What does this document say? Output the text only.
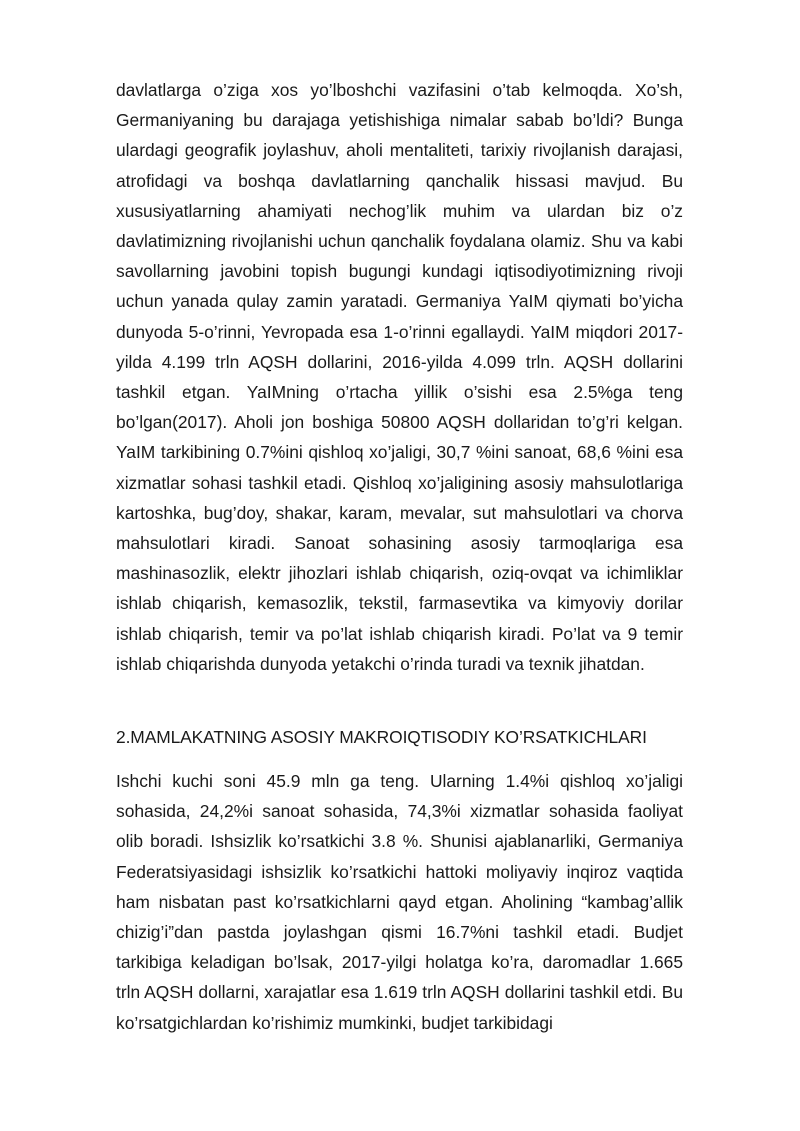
davlatlarga o’ziga xos yo’lboshchi vazifasini o’tab kelmoqda. Xo’sh, Germaniyaning bu darajaga yetishishiga nimalar sabab bo’ldi? Bunga ulardagi geografik joylashuv, aholi mentaliteti, tarixiy rivojlanish darajasi, atrofidagi va boshqa davlatlarning qanchalik hissasi mavjud. Bu xususiyatlarning ahamiyati nechog’lik muhim va ulardan biz o’z davlatimizning rivojlanishi uchun qanchalik foydalana olamiz. Shu va kabi savollarning javobini topish bugungi kundagi iqtisodiyotimizning rivoji uchun yanada qulay zamin yaratadi. Germaniya YaIM qiymati bo’yicha dunyoda 5-o’rinni, Yevropada esa 1-o’rinni egallaydi. YaIM miqdori 2017-yilda 4.199 trln AQSH dollarini, 2016-yilda 4.099 trln. AQSH dollarini tashkil etgan. YaIMning o’rtacha yillik o’sishi esa 2.5%ga teng bo’lgan(2017). Aholi jon boshiga 50800 AQSH dollaridan to’g’ri kelgan. YaIM tarkibining 0.7%ini qishloq xo’jaligi, 30,7 %ini sanoat, 68,6 %ini esa xizmatlar sohasi tashkil etadi. Qishloq xo’jaligining asosiy mahsulotlariga kartoshka, bug’doy, shakar, karam, mevalar, sut mahsulotlari va chorva mahsulotlari kiradi. Sanoat sohasining asosiy tarmoqlariga esa mashinasozlik, elektr jihozlari ishlab chiqarish, oziq-ovqat va ichimliklar ishlab chiqarish, kemasozlik, tekstil, farmasevtika va kimyoviy dorilar ishlab chiqarish, temir va po’lat ishlab chiqarish kiradi. Po’lat va 9 temir ishlab chiqarishda dunyoda yetakchi o’rinda turadi va texnik jihatdan.

2.MAMLAKATNING ASOSIY MAKROIQTISODIY KO’RSATKICHLARI

Ishchi kuchi soni 45.9 mln ga teng. Ularning 1.4%i qishloq xo’jaligi sohasida, 24,2%i sanoat sohasida, 74,3%i xizmatlar sohasida faoliyat olib boradi. Ishsizlik ko’rsatkichi 3.8 %. Shunisi ajablanarliki, Germaniya Federatsiyasidagi ishsizlik ko’rsatkichi hattoki moliyaviy inqiroz vaqtida ham nisbatan past ko’rsatkichlarni qayd etgan. Aholining “kambag’allik chizig’i”dan pastda joylashgan qismi 16.7%ni tashkil etadi. Budjet tarkibiga keladigan bo’lsak, 2017-yilgi holatga ko’ra, daromadlar 1.665 trln AQSH dollarni, xarajatlar esa 1.619 trln AQSH dollarini tashkil etdi. Bu ko’rsatgichlardan ko’rishimiz mumkinki, budjet tarkibidagi
